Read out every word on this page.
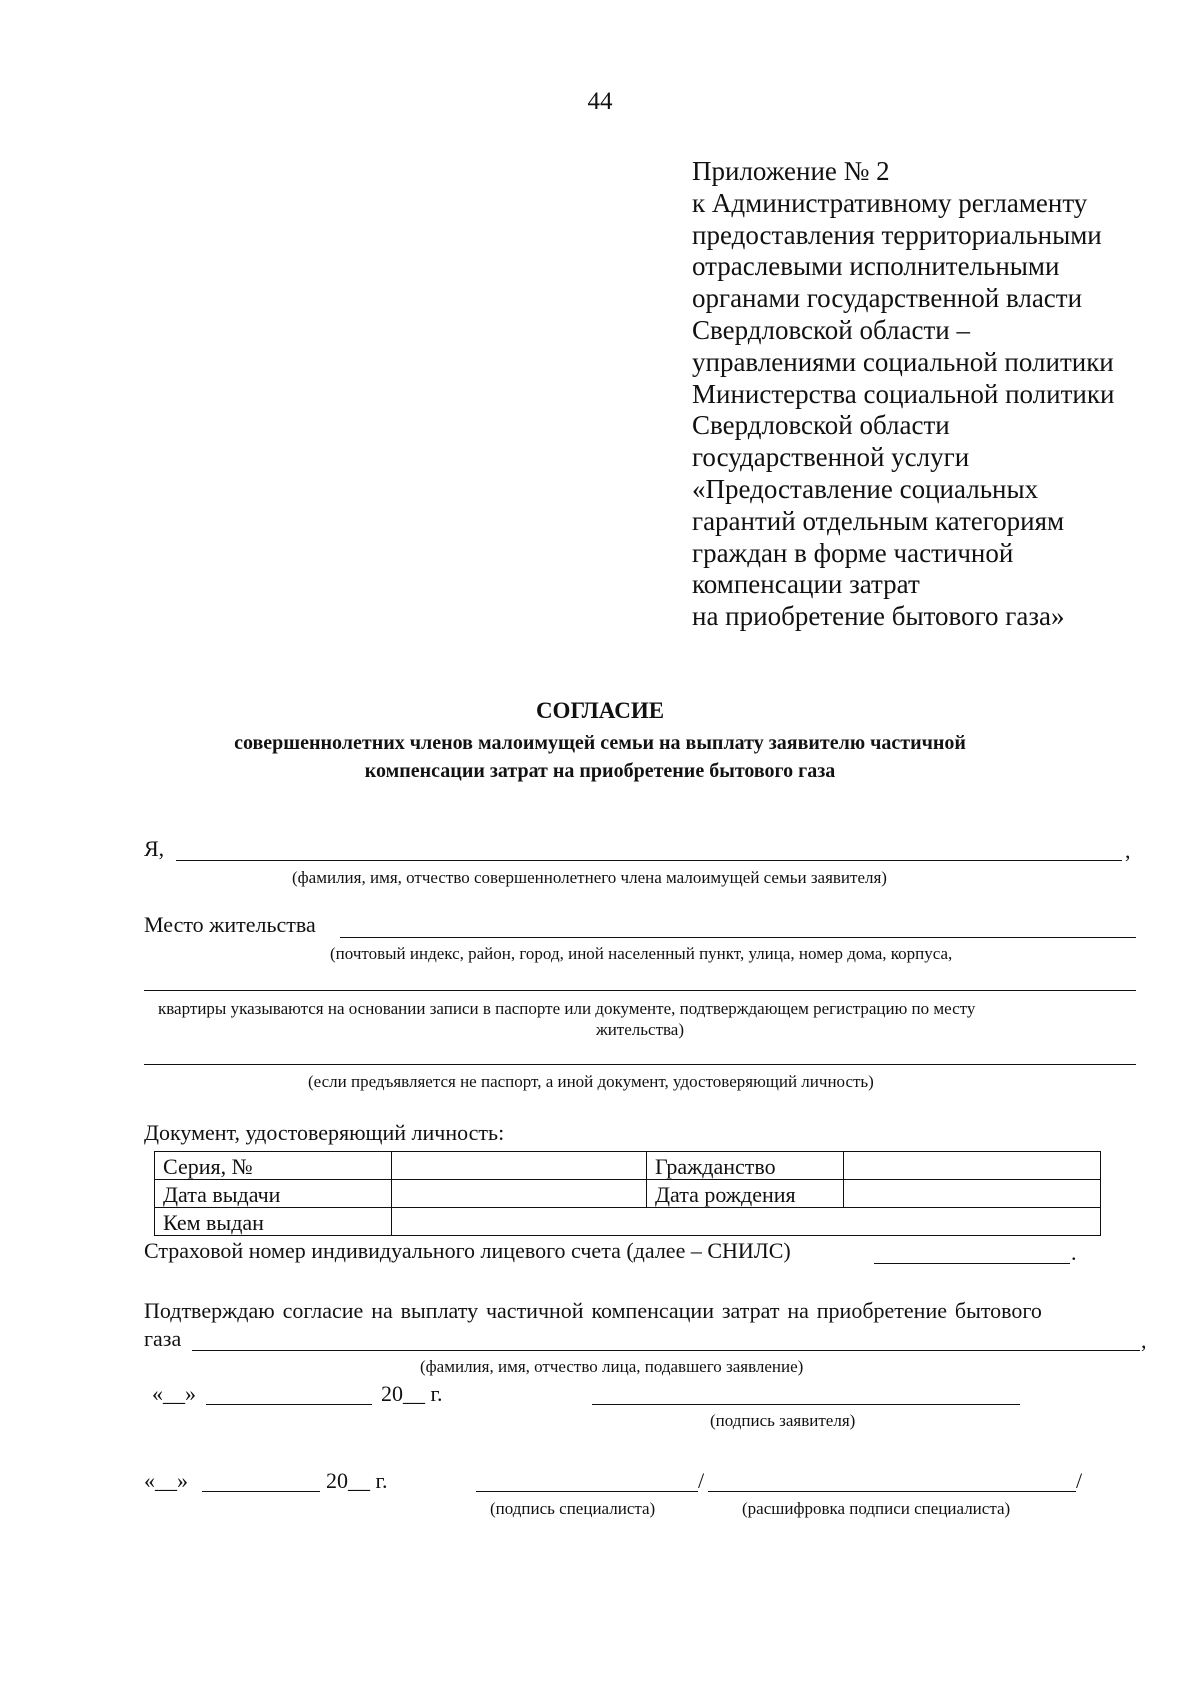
44
Приложение № 2
к Административному регламенту
предоставления территориальными
отраслевыми исполнительными
органами государственной власти
Свердловской области –
управлениями социальной политики
Министерства социальной политики
Свердловской области
государственной услуги
«Предоставление социальных
гарантий отдельным категориям
граждан в форме частичной
компенсации затрат
на приобретение бытового газа»
СОГЛАСИЕ
совершеннолетних членов малоимущей семьи на выплату заявителю частичной
компенсации затрат на приобретение бытового газа
Я,	,
(фамилия, имя, отчество совершеннолетнего члена малоимущей семьи заявителя)
Место жительства
(почтовый индекс, район, город, иной населенный пункт, улица, номер дома, корпуса,
квартиры указываются на основании записи в паспорте или документе, подтверждающем регистрацию по месту
жительства)
(если предъявляется не паспорт, а иной документ, удостоверяющий личность)
Документ, удостоверяющий личность:
Серия, №		Гражданство	
Дата выдачи		Дата рождения	
Кем выдан			
Страховой номер индивидуального лицевого счета (далее – СНИЛС)	.
Подтверждаю согласие на выплату частичной компенсации затрат на приобретение бытового
газа	,
(фамилия, имя, отчество лица, подавшего заявление)
«__»	20__ г.
(подпись заявителя)
«__»	20__ г.	/	/
(подпись специалиста)	(расшифровка подписи специалиста)
